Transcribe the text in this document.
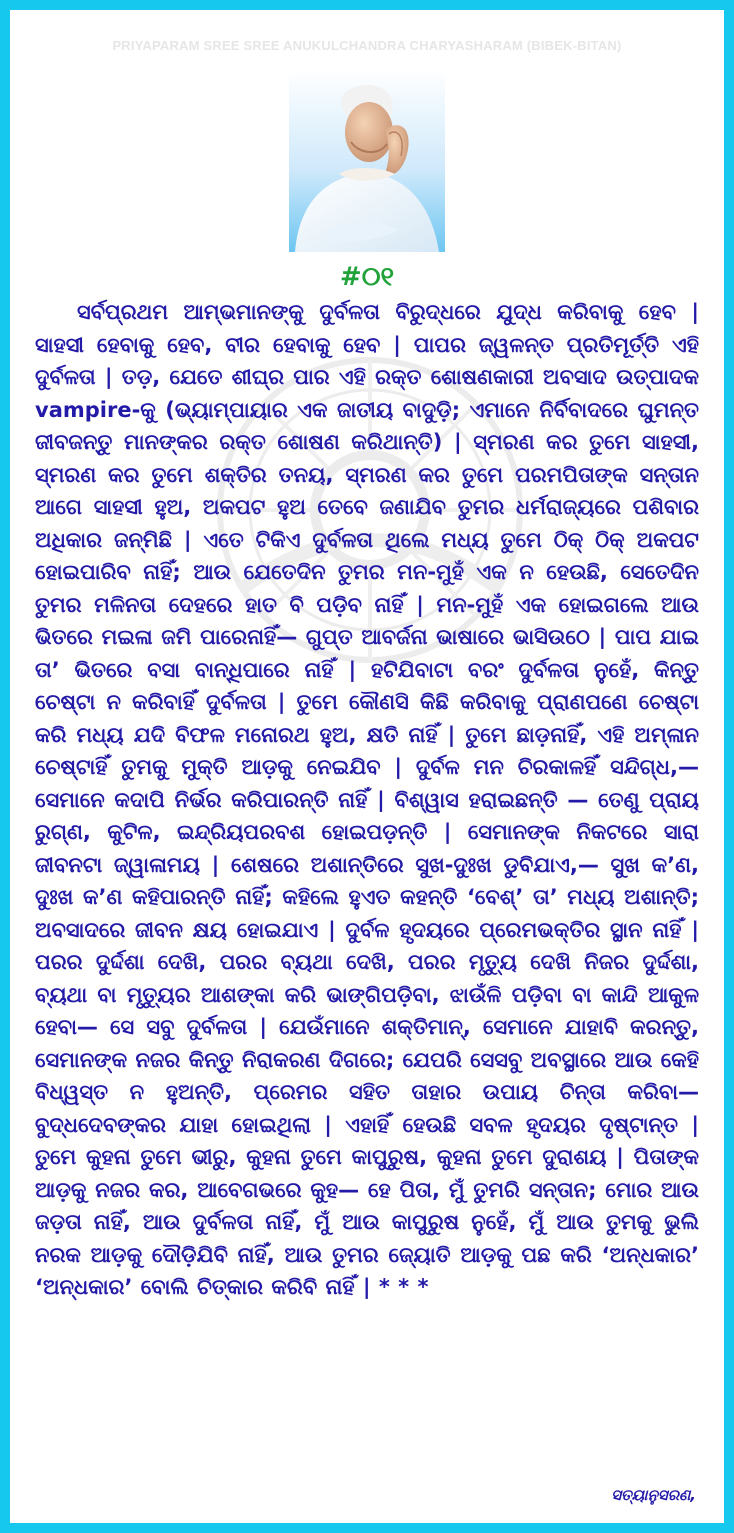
PRIYAPARAM SREE SREE ANUKULCHANDRA CHARYASHARAM (BIBEK-BITAN)
#୦୧

ସର୍ବପ୍ରଥମ ଆମ୍ଭମାନଙ୍କୁ ଦୁର୍ବଳତା ବିରୁଦ୍ଧରେ ଯୁଦ୍ଧ କରିବାକୁ ହେବ | ସାହସୀ ହେବାକୁ ହେବ, ବୀର ହେବାକୁ ହେବ | ପାପର ଜ୍ୱଳନ୍ତ ପ୍ରତିମୂର୍ତ୍ତି ଏହି ଦୁର୍ବଳତା | ତଡ଼, ଯେତେ ଶୀଘ୍ର ପାର ଏହି ରକ୍ତ ଶୋଷଣକାରୀ ଅବସାଦ ଉତ୍ପାଦକ vampire-କୁ (ଭ୍ୟାମ୍ପାୟାର ଏକ ଜାତୀୟ ବାଦୁଡ଼ି; ଏମାନେ ନିର୍ବିବାଦରେ ଘୁମନ୍ତ ଜୀବଜନ୍ତୁ ମାନଙ୍କର ରକ୍ତ ଶୋଷଣ କରିଥାନ୍ତି) | ସ୍ମରଣ କର ତୁମେ ସାହସୀ, ସ୍ମରଣ କର ତୁମେ ଶକ୍ତିର ତନୟ, ସ୍ମରଣ କର ତୁମେ ପରମପିତାଙ୍କ ସନ୍ତାନ ଆଗେ ସାହସୀ ହୁଅ, ଅକପଟ ହୁଅ ତେବେ ଜଣାଯିବ ତୁମର ଧର୍ମରାଜ୍ୟରେ ପଶିବାର ଅଧିକାର ଜନ୍ମିଛି | ଏତେ ଟିକିଏ ଦୁର୍ବଳତା ଥିଲେ ମଧ୍ୟ ତୁମେ ଠିକ୍ ଠିକ୍ ଅକପଟ ହୋଇପାରିବ ନାହିଁ; ଆଉ ଯେତେଦିନ ତୁମର ମନ-ମୁହଁ ଏକ ନ ହେଉଛି, ସେତେଦିନ ତୁମର ମଳିନତା ଦେହରେ ହାତ ବି ପଡ଼ିବ ନାହିଁ | ମନ-ମୁହଁ ଏକ ହୋଇଗଲେ ଆଉ ଭିତରେ ମଇଳା ଜମି ପାରେନାହିଁ— ଗୁପ୍ତ ଆବର୍ଜନା ଭାଷାରେ ଭାସିଉଠେ | ପାପ ଯାଇ ତା’ ଭିତରେ ବସା ବାନ୍ଧିପାରେ ନାହିଁ | ହଟିଯିବାଟା ବରଂ ଦୁର୍ବଳତା ନୁହେଁ, କିନ୍ତୁ ଚେଷ୍ଟା ନ କରିବାହିଁ ଦୁର୍ବଳତା | ତୁମେ କୌଣସି କିଛି କରିବାକୁ ପ୍ରାଣପଣେ ଚେଷ୍ଟା କରି ମଧ୍ୟ ଯଦି ବିଫଳ ମନୋରଥ ହୁଅ, କ୍ଷତି ନାହିଁ | ତୁମେ ଛାଡ଼ନାହିଁ, ଏହି ଅମ୍ଳାନ ଚେଷ୍ଟାହିଁ ତୁମକୁ ମୁକ୍ତି ଆଡ଼କୁ ନେଇଯିବ | ଦୁର୍ବଳ ମନ ଚିରକାଳହିଁ ସନ୍ଦିଗ୍ଧ,— ସେମାନେ କଦାପି ନିର୍ଭର କରିପାରନ୍ତି ନାହିଁ | ବିଶ୍ୱାସ ହରାଇଛନ୍ତି — ତେଣୁ ପ୍ରାୟ ରୁଗ୍ଣ, କୁଟିଳ, ଇନ୍ଦ୍ରିୟପରବଶ ହୋଇପଡ଼ନ୍ତି | ସେମାନଙ୍କ ନିକଟରେ ସାରା ଜୀବନଟା ଜ୍ୱାଳାମୟ | ଶେଷରେ ଅଶାନ୍ତିରେ ସୁଖ-ଦୁଃଖ ଡୁବିଯାଏ,— ସୁଖ କ’ଣ, ଦୁଃଖ କ’ଣ କହିପାରନ୍ତି ନାହିଁ; କହିଲେ ହୁଏତ କହନ୍ତି ‘ବେଶ୍’ ତା’ ମଧ୍ୟ ଅଶାନ୍ତି; ଅବସାଦରେ ଜୀବନ କ୍ଷୟ ହୋଇଯାଏ | ଦୁର୍ବଳ ହୃଦୟରେ ପ୍ରେମଭକ୍ତିର ସ୍ଥାନ ନାହିଁ | ପରର ଦୁର୍ଦ୍ଦଶା ଦେଖି, ପରର ବ୍ୟଥା ଦେଖି, ପରର ମୃତ୍ୟୁ ଦେଖି ନିଜର ଦୁର୍ଦ୍ଦଶା, ବ୍ୟଥା ବା ମୃତ୍ୟୁର ଆଶଙ୍କା କରି ଭାଙ୍ଗିପଡ଼ିବା, ଝାଉଁଳି ପଡ଼ିବା ବା କାନ୍ଦି ଆକୁଳ ହେବା— ସେ ସବୁ ଦୁର୍ବଳତା | ଯେଉଁମାନେ ଶକ୍ତିମାନ୍, ସେମାନେ ଯାହାବି କରନ୍ତୁ, ସେମାନଙ୍କ ନଜର କିନ୍ତୁ ନିରାକରଣ ଦିଗରେ; ଯେପରି ସେସବୁ ଅବସ୍ଥାରେ ଆଉ କେହି ବିଧ୍ୱସ୍ତ ନ ହୁଅନ୍ତି, ପ୍ରେମର ସହିତ ତାହାର ଉପାୟ ଚିନ୍ତା କରିବା— ବୁଦ୍ଧଦେବଙ୍କର ଯାହା ହୋଇଥିଲା | ଏହାହିଁ ହେଉଛି ସବଳ ହୃଦୟର ଦୃଷ୍ଟାନ୍ତ | ତୁମେ କୁହନା ତୁମେ ଭୀରୁ, କୁହନା ତୁମେ କାପୁରୁଷ, କୁହନା ତୁମେ ଦୁରାଶୟ | ପିତାଙ୍କ ଆଡ଼କୁ ନଜର କର, ଆବେଗଭରେ କୁହ— ହେ ପିତା, ମୁଁ ତୁମରି ସନ୍ତାନ; ମୋର ଆଉ ଜଡ଼ତା ନାହିଁ, ଆଉ ଦୁର୍ବଳତା ନାହିଁ, ମୁଁ ଆଉ କାପୁରୁଷ ନୁହେଁ, ମୁଁ ଆଉ ତୁମକୁ ଭୁଲି ନରକ ଆଡ଼କୁ ଦୌଡ଼ିଯିବି ନାହିଁ, ଆଉ ତୁମର ଜ୍ୟୋତି ଆଡ଼କୁ ପଛ କରି ‘ଅନ୍ଧକାର’ ‘ଅନ୍ଧକାର’ ବୋଲି ଚିତ୍କାର କରିବି ନାହିଁ | * * *

ସତ୍ୟାନୁସରଣ,
